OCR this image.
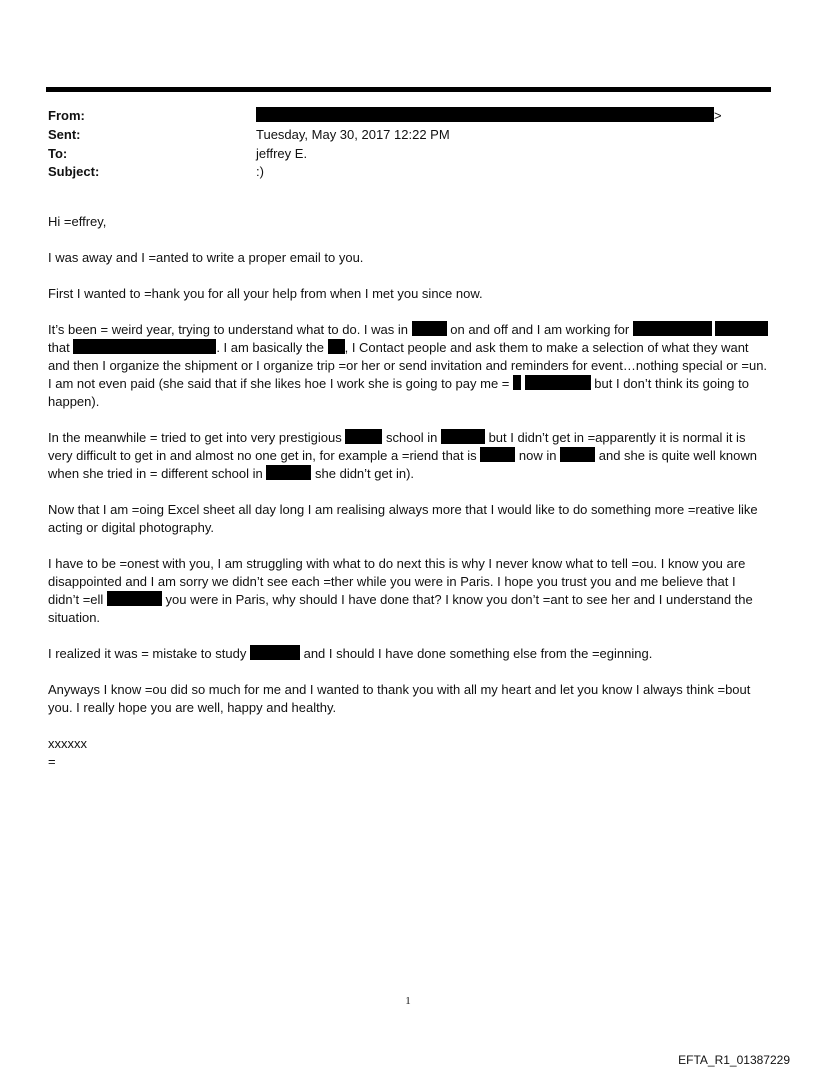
From:	>
Sent:	Tuesday, May 30, 2017 12:22 PM
To:	jeffrey E.
Subject:	:)

Hi =effrey,

I was away and I =anted to write a proper email to you.

First I wanted to =hank you for all your help from when I met you since now.

It’s been = weird year, trying to understand what to do. I was in	on and off and I am working for   that	. I am basically the , I Contact people and ask them to make a selection of what they want and then I organize the shipment or I organize trip =or her or send invitation and reminders for event…nothing special or =un. I am not even paid (she said that if she likes hoe I work she is going to pay me =	but I don’t think its going to happen).

In the meanwhile = tried to get into very prestigious	school in	but I didn’t get in =apparently it is normal it is very difficult to get in and almost no one get in, for example a =riend that is	now in	and she is quite well known when she tried in = different school in	she didn’t get in).

Now that I am =oing Excel sheet all day long I am realising always more that I would like to do something more =reative like acting or digital photography.

I have to be =onest with you, I am struggling with what to do next this is why I never know what to tell =ou. I know you are disappointed and I am sorry we didn’t see each =ther while you were in Paris. I hope you trust you and me believe that I didn’t =ell	you were in Paris, why should I have done that? I know you don’t =ant to see her and I understand the situation.

I realized it was = mistake to study	and I should I have done something else from the =eginning.

Anyways I know =ou did so much for me and I wanted to thank you with all my heart and let you know I always think =bout you. I really hope you are well, happy and healthy.

xxxxxx

=

1
EFTA_R1_01387229
